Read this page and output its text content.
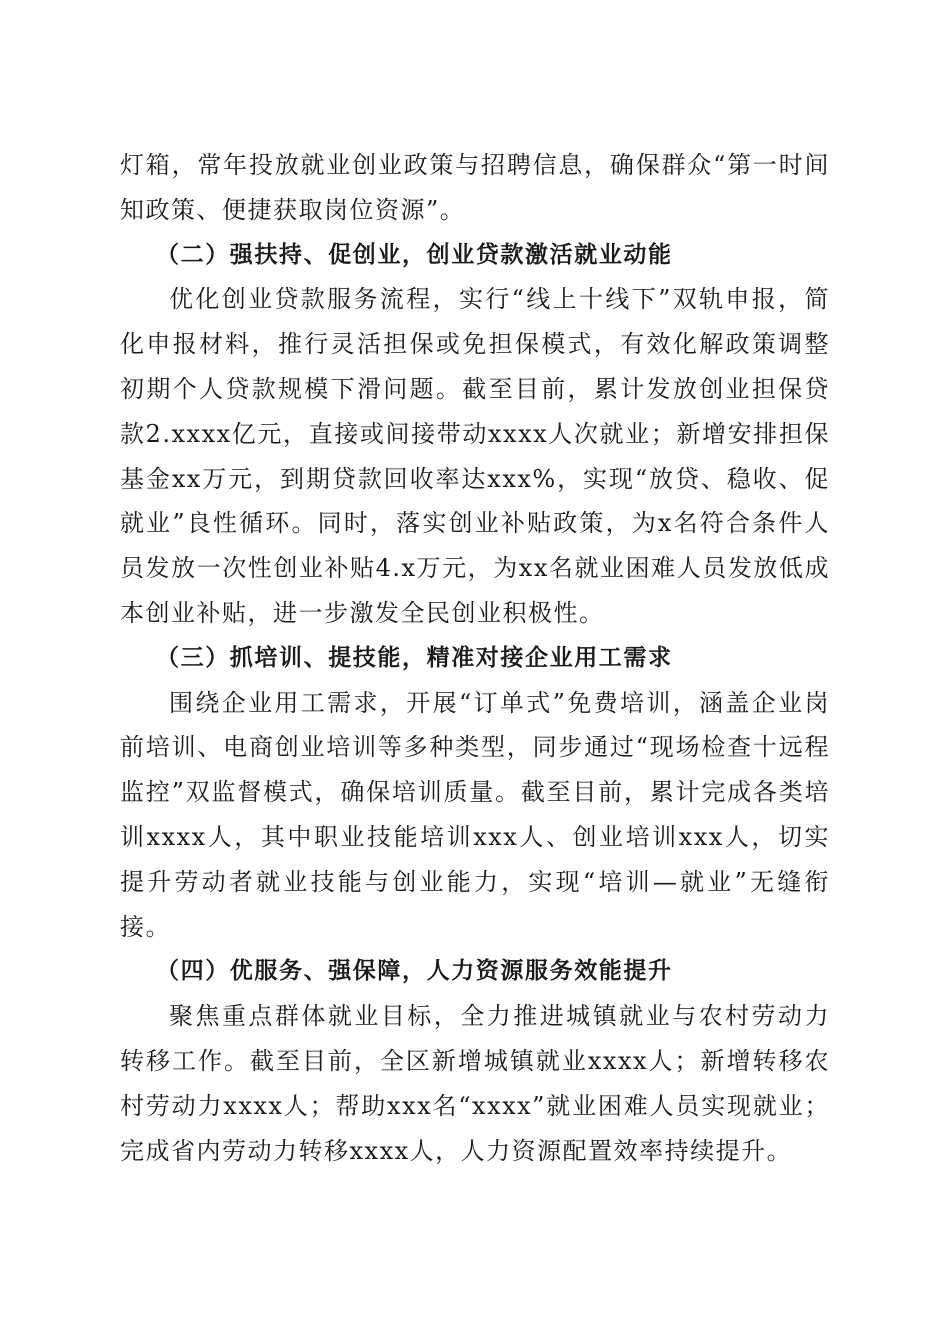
灯箱，常年投放就业创业政策与招聘信息，确保群众“第一时间知政策、便捷获取岗位资源”。

（二）强扶持、促创业，创业贷款激活就业动能

优化创业贷款服务流程，实行“线上十线下”双轨申报，简化申报材料，推行灵活担保或免担保模式，有效化解政策调整初期个人贷款规模下滑问题。截至目前，累计发放创业担保贷款2.xxxx亿元，直接或间接带动xxxx人次就业；新增安排担保基金xx万元，到期贷款回收率达xxx%，实现“放贷、稳收、促就业”良性循环。同时，落实创业补贴政策，为x名符合条件人员发放一次性创业补贴4.x万元，为xx名就业困难人员发放低成本创业补贴，进一步激发全民创业积极性。

（三）抓培训、提技能，精准对接企业用工需求

围绕企业用工需求，开展“订单式”免费培训，涵盖企业岗前培训、电商创业培训等多种类型，同步通过“现场检查十远程监控”双监督模式，确保培训质量。截至目前，累计完成各类培训xxxx人，其中职业技能培训xxx人、创业培训xxx人，切实提升劳动者就业技能与创业能力，实现“培训—就业”无缝衔接。

（四）优服务、强保障，人力资源服务效能提升

聚焦重点群体就业目标，全力推进城镇就业与农村劳动力转移工作。截至目前，全区新增城镇就业xxxx人；新增转移农村劳动力xxxx人；帮助xxx名“xxxx”就业困难人员实现就业；完成省内劳动力转移xxxx人，人力资源配置效率持续提升。
